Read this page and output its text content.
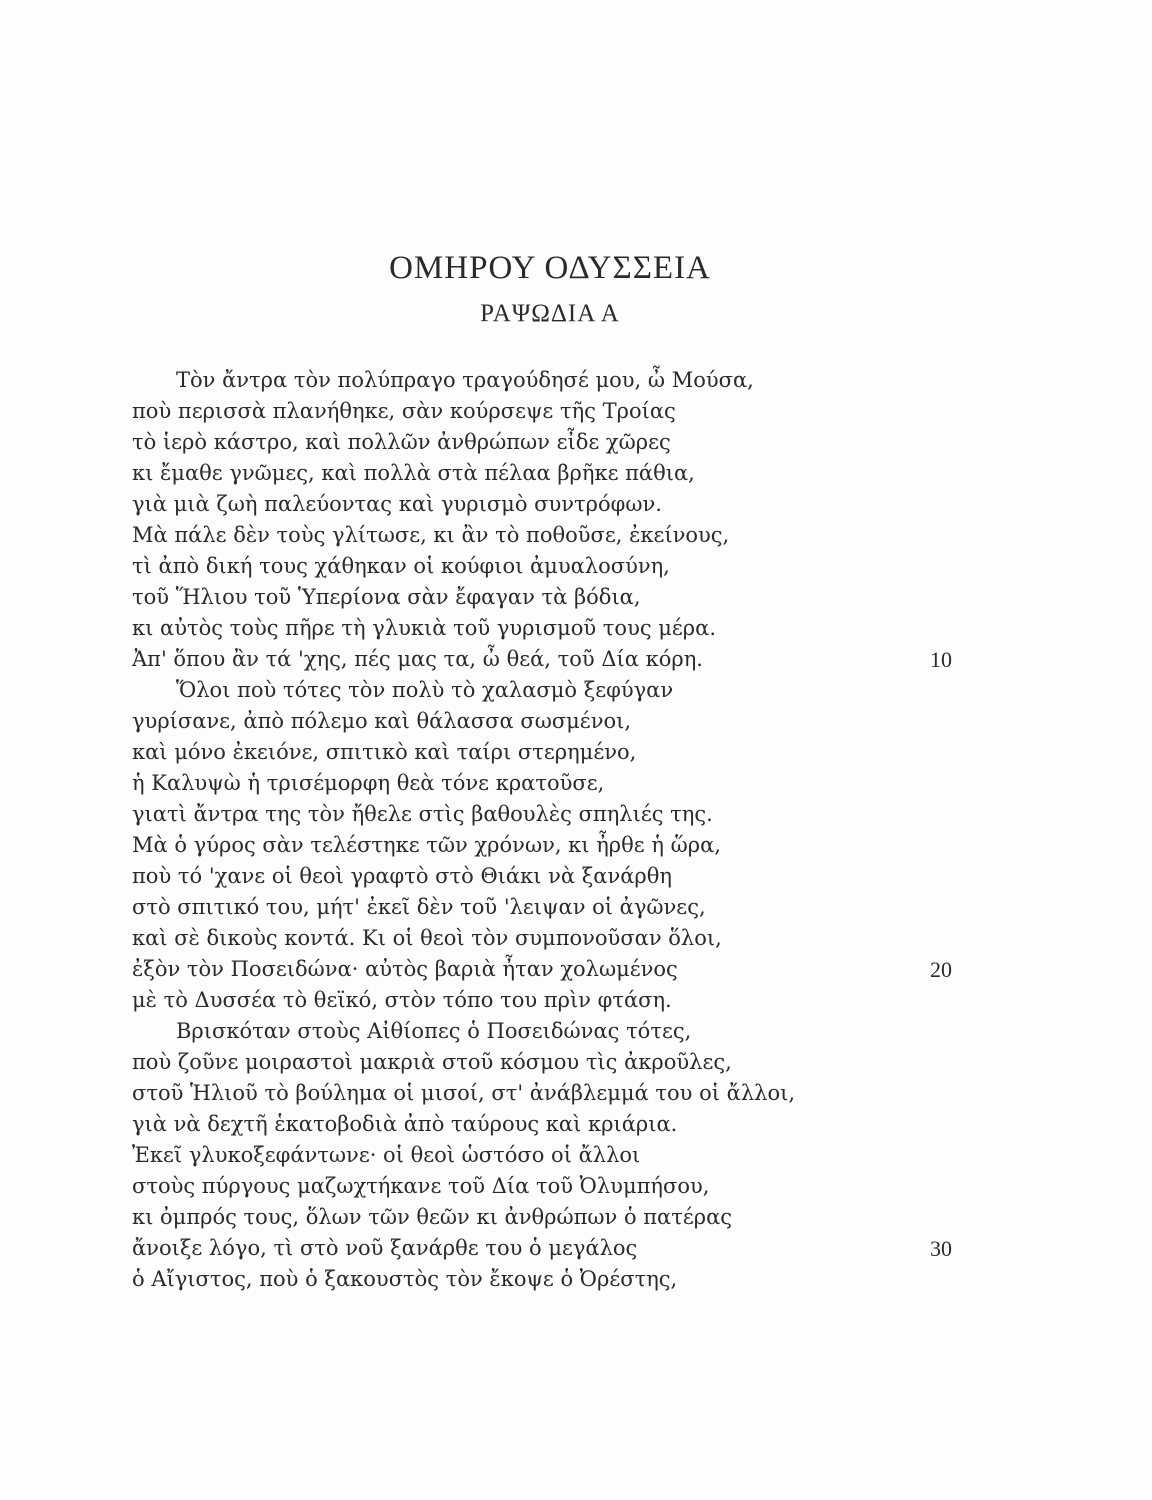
ΟΜΗΡΟΥ ΟΔΥΣΣΕΙΑ
ΡΑΨΩΔΙΑ Α
Τὸν ἄντρα τὸν πολύπραγο τραγούδησέ μου, ὦ Μούσα,
ποὺ περισσὰ πλανήθηκε, σὰν κούρσεψε τῆς Τροίας
τὸ ἱερὸ κάστρο, καὶ πολλῶν ἀνθρώπων εἶδε χῶρες
κι ἔμαθε γνῶμες, καὶ πολλὰ στὰ πέλαα βρῆκε πάθια,
γιὰ μιὰ ζωὴ παλεύοντας καὶ γυρισμὸ συντρόφων.
Μὰ πάλε δὲν τοὺς γλίτωσε, κι ἂν τὸ ποθοῦσε, ἐκείνους,
τὶ ἀπὸ δική τους χάθηκαν οἱ κούφιοι ἀμυαλοσύνη,
τοῦ Ἥλιου τοῦ Ὑπερίονα σὰν ἔφαγαν τὰ βόδια,
κι αὐτὸς τοὺς πῆρε τὴ γλυκιὰ τοῦ γυρισμοῦ τους μέρα.
Ἀπ' ὅπου ἂν τά 'χης, πές μας τα, ὦ θεά, τοῦ Δία κόρη.	10
Ὅλοι ποὺ τότες τὸν πολὺ τὸ χαλασμὸ ξεφύγαν
γυρίσανε, ἀπὸ πόλεμο καὶ θάλασσα σωσμένοι,
καὶ μόνο ἐκειόνε, σπιτικὸ καὶ ταίρι στερημένο,
ἡ Καλυψὼ ἡ τρισέμορφη θεὰ τόνε κρατοῦσε,
γιατὶ ἄντρα της τὸν ἤθελε στὶς βαθουλὲς σπηλιές της.
Μὰ ὁ γύρος σὰν τελέστηκε τῶν χρόνων, κι ἦρθε ἡ ὥρα,
ποὺ τό 'χανε οἱ θεοὶ γραφτὸ στὸ Θιάκι νὰ ξανάρθη
στὸ σπιτικό του, μήτ' ἐκεῖ δὲν τοῦ 'λειψαν οἱ ἀγῶνες,
καὶ σὲ δικοὺς κοντά. Κι οἱ θεοὶ τὸν συμπονοῦσαν ὅλοι,
ἐξὸν τὸν Ποσειδώνα· αὐτὸς βαριὰ ἦταν χολωμένος	20
μὲ τὸ Δυσσέα τὸ θεϊκό, στὸν τόπο του πρὶν φτάση.
Βρισκόταν στοὺς Αἰθίοπες ὁ Ποσειδώνας τότες,
ποὺ ζοῦνε μοιραστοὶ μακριὰ στοῦ κόσμου τὶς ἀκροῦλες,
στοῦ Ἡλιοῦ τὸ βούλημα οἱ μισοί, στ' ἀνάβλεμμά του οἱ ἄλλοι,
γιὰ νὰ δεχτῆ ἑκατοβοδιὰ ἀπὸ ταύρους καὶ κριάρια.
Ἐκεῖ γλυκοξεφάντωνε· οἱ θεοὶ ὡστόσο οἱ ἄλλοι
στοὺς πύργους μαζωχτήκανε τοῦ Δία τοῦ Ὀλυμπήσου,
κι ὀμπρός τους, ὅλων τῶν θεῶν κι ἀνθρώπων ὁ πατέρας
ἄνοιξε λόγο, τὶ στὸ νοῦ ξανάρθε του ὁ μεγάλος	30
ὁ Αἴγιστος, ποὺ ὁ ξακουστὸς τὸν ἔκοψε ὁ Ὀρέστης,
